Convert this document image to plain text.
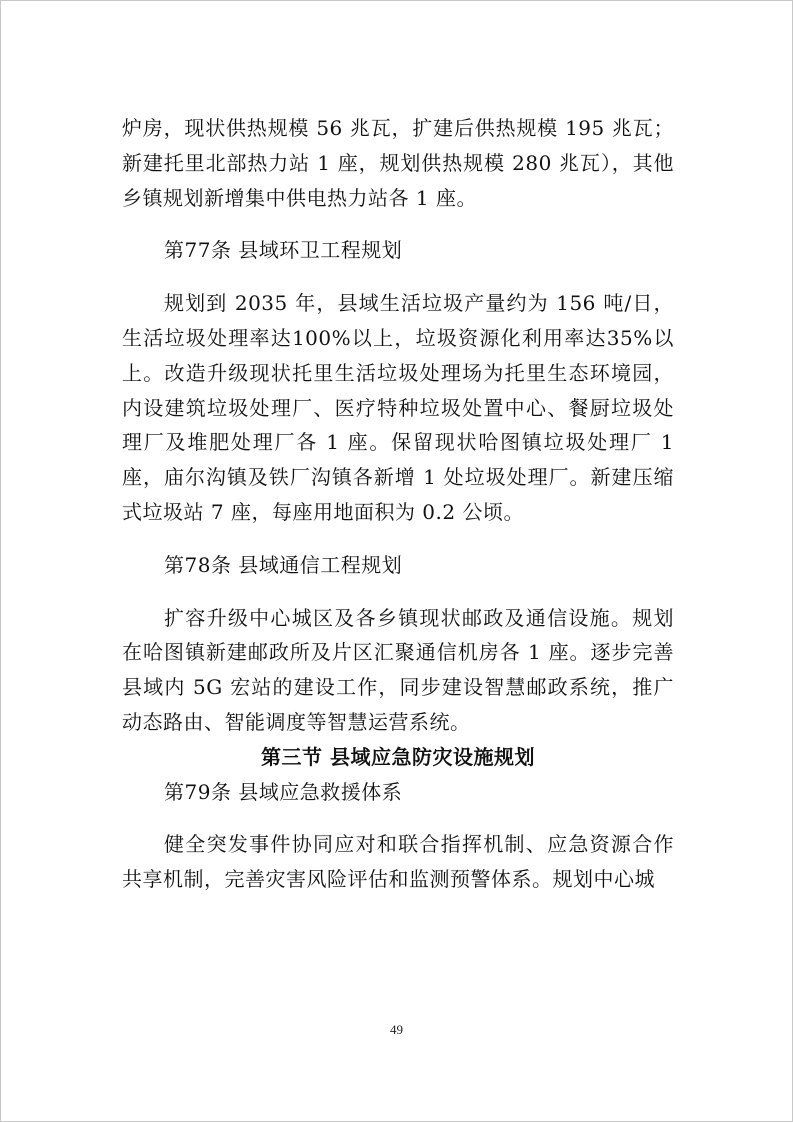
炉房，现状供热规模 56 兆瓦，扩建后供热规模 195 兆瓦；新建托里北部热力站 1 座，规划供热规模 280 兆瓦），其他乡镇规划新增集中供电热力站各 1 座。

第77条 县域环卫工程规划

规划到 2035 年，县域生活垃圾产量约为 156 吨/日，生活垃圾处理率达100%以上，垃圾资源化利用率达35%以上。改造升级现状托里生活垃圾处理场为托里生态环境园，内设建筑垃圾处理厂、医疗特种垃圾处置中心、餐厨垃圾处理厂及堆肥处理厂各 1 座。保留现状哈图镇垃圾处理厂 1 座，庙尔沟镇及铁厂沟镇各新增 1 处垃圾处理厂。新建压缩式垃圾站 7 座，每座用地面积为 0.2 公顷。

第78条 县域通信工程规划

扩容升级中心城区及各乡镇现状邮政及通信设施。规划在哈图镇新建邮政所及片区汇聚通信机房各 1 座。逐步完善县域内 5G 宏站的建设工作，同步建设智慧邮政系统，推广动态路由、智能调度等智慧运营系统。

第三节 县域应急防灾设施规划

第79条 县域应急救援体系

健全突发事件协同应对和联合指挥机制、应急资源合作共享机制，完善灾害风险评估和监测预警体系。规划中心城

49
